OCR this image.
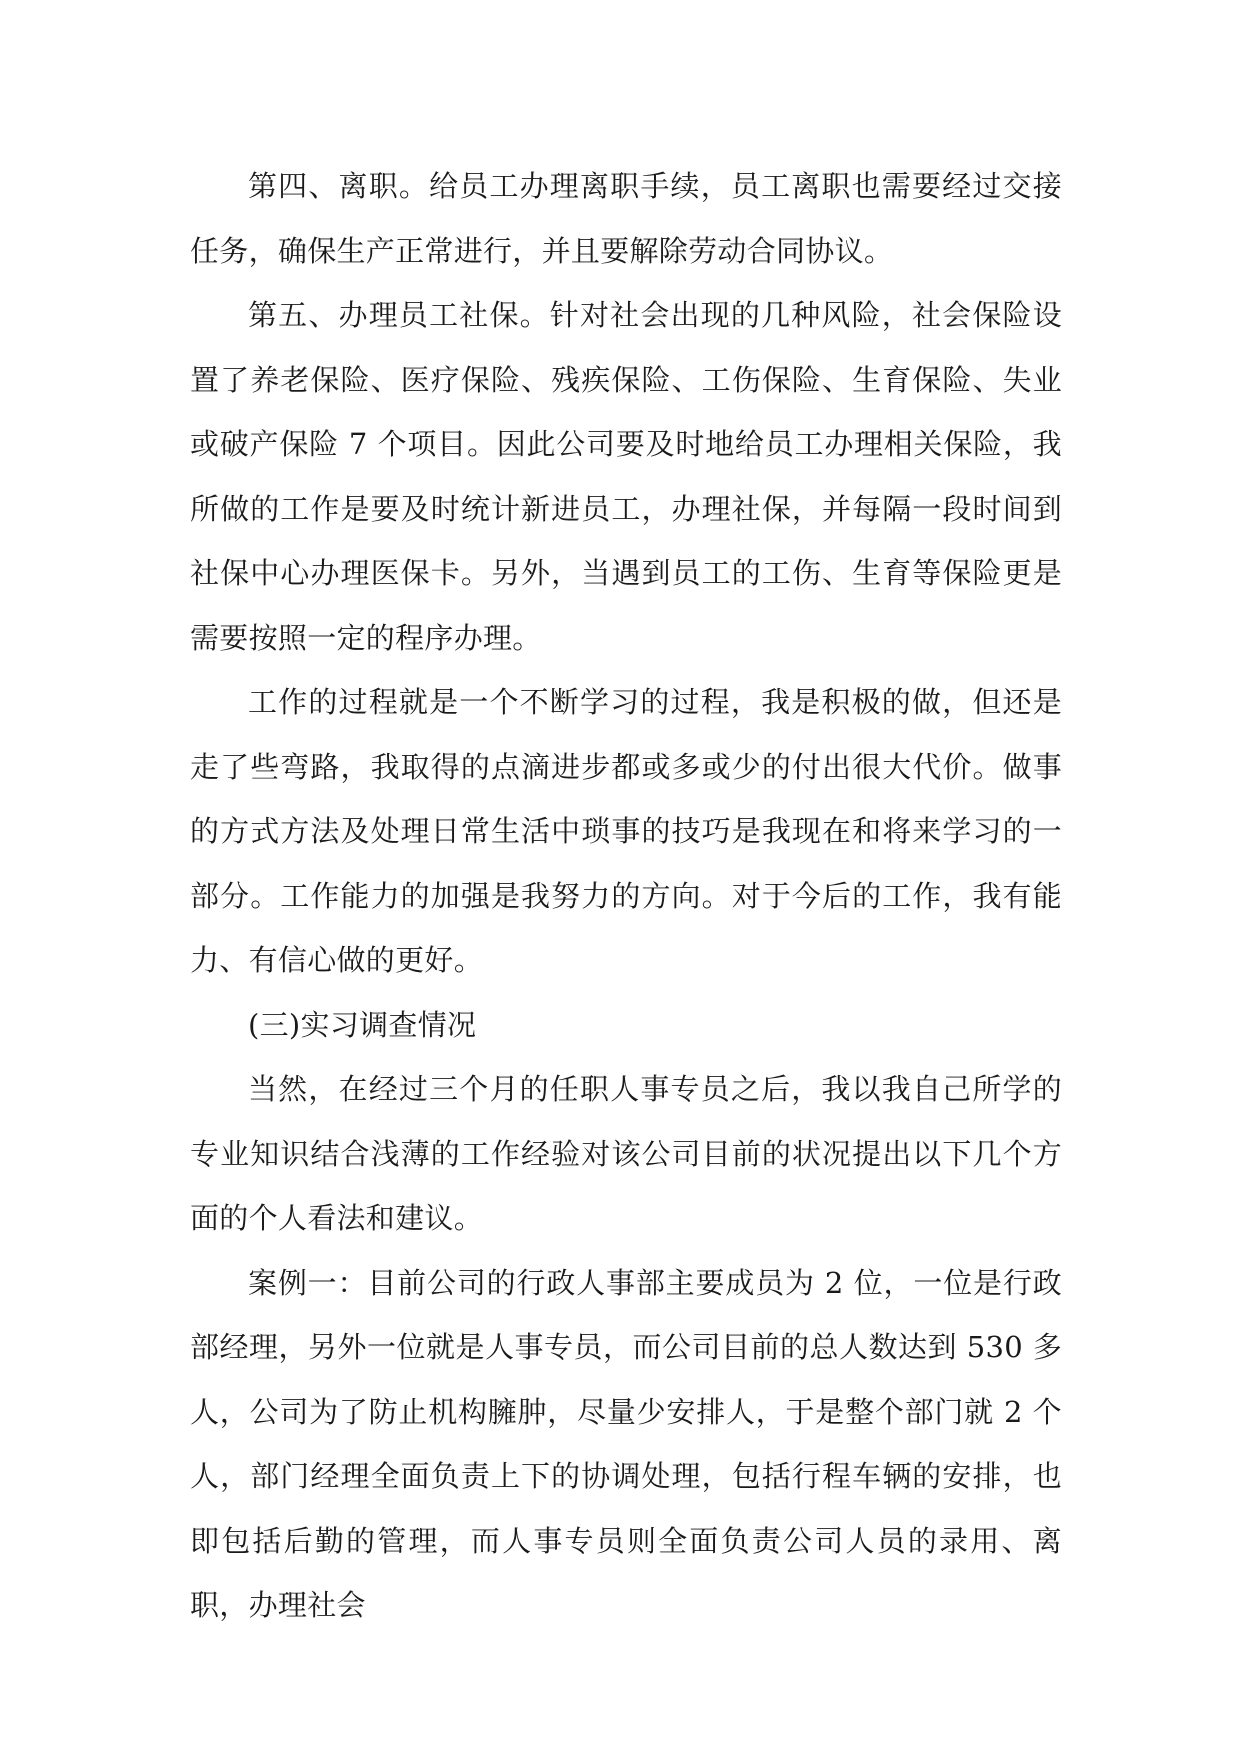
第四、离职。给员工办理离职手续，员工离职也需要经过交接任务，确保生产正常进行，并且要解除劳动合同协议。

第五、办理员工社保。针对社会出现的几种风险，社会保险设置了养老保险、医疗保险、残疾保险、工伤保险、生育保险、失业或破产保险 7 个项目。因此公司要及时地给员工办理相关保险，我所做的工作是要及时统计新进员工，办理社保，并每隔一段时间到社保中心办理医保卡。另外，当遇到员工的工伤、生育等保险更是需要按照一定的程序办理。

工作的过程就是一个不断学习的过程，我是积极的做，但还是走了些弯路，我取得的点滴进步都或多或少的付出很大代价。做事的方式方法及处理日常生活中琐事的技巧是我现在和将来学习的一部分。工作能力的加强是我努力的方向。对于今后的工作，我有能力、有信心做的更好。

(三)实习调查情况

当然，在经过三个月的任职人事专员之后，我以我自己所学的专业知识结合浅薄的工作经验对该公司目前的状况提出以下几个方面的个人看法和建议。

案例一：目前公司的行政人事部主要成员为 2 位，一位是行政部经理，另外一位就是人事专员，而公司目前的总人数达到 530 多人，公司为了防止机构臃肿，尽量少安排人，于是整个部门就 2 个人，部门经理全面负责上下的协调处理，包括行程车辆的安排，也即包括后勤的管理，而人事专员则全面负责公司人员的录用、离职，办理社会
